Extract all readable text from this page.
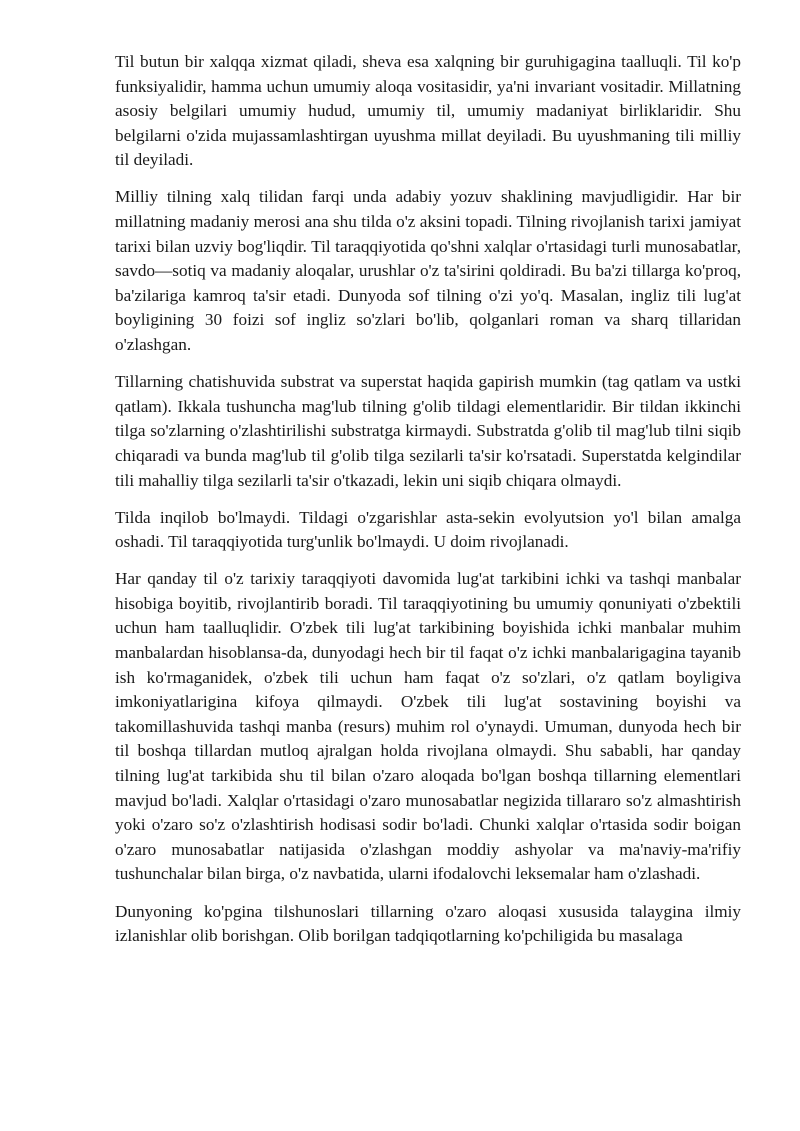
Til butun bir xalqqa xizmat qiladi, sheva esa xalqning bir guruhigagina taalluqli. Til ko'p funksiyalidir, hamma uchun umumiy aloqa vositasidir, ya'ni invariant vositadir. Millatning asosiy belgilari umumiy hudud, umumiy til, umumiy madaniyat birliklaridir. Shu belgilarni o'zida mujassamlashtirgan uyushma millat deyiladi. Bu uyushmaning tili milliy til deyiladi.

Milliy tilning xalq tilidan farqi unda adabiy yozuv shaklining mavjudligidir. Har bir millatning madaniy merosi ana shu tilda o'z aksini topadi. Tilning rivojlanish tarixi jamiyat tarixi bilan uzviy bog'liqdir. Til taraqqiyotida qo'shni xalqlar o'rtasidagi turli munosabatlar, savdo—sotiq va madaniy aloqalar, urushlar o'z ta'sirini qoldiradi. Bu ba'zi tillarga ko'proq, ba'zilariga kamroq ta'sir etadi. Dunyoda sof tilning o'zi yo'q. Masalan, ingliz tili lug'at boyligining 30 foizi sof ingliz so'zlari bo'lib, qolganlari roman va sharq tillaridan o'zlashgan.

Tillarning chatishuvida substrat va superstat haqida gapirish mumkin (tag qatlam va ustki qatlam). Ikkala tushuncha mag'lub tilning g'olib tildagi elementlaridir. Bir tildan ikkinchi tilga so'zlarning o'zlashtirilishi substratga kirmaydi. Substratda g'olib til mag'lub tilni siqib chiqaradi va bunda mag'lub til g'olib tilga sezilarli ta'sir ko'rsatadi. Superstatda kelgindilar tili mahalliy tilga sezilarli ta'sir o'tkazadi, lekin uni siqib chiqara olmaydi.

Tilda inqilob bo'lmaydi. Tildagi o'zgarishlar asta-sekin evolyutsion yo'l bilan amalga oshadi. Til taraqqiyotida turg'unlik bo'lmaydi. U doim rivojlanadi.

Har qanday til o'z tarixiy taraqqiyoti davomida lug'at tarkibini ichki va tashqi manbalar hisobiga boyitib, rivojlantirib boradi. Til taraqqiyotining bu umumiy qonuniyati o'zbektili uchun ham taalluqlidir. O'zbek tili lug'at tarkibining boyishida ichki manbalar muhim manbalardan hisoblansa-da, dunyodagi hech bir til faqat o'z ichki manbalarigagina tayanib ish ko'rmaganidek, o'zbek tili uchun ham faqat o'z so'zlari, o'z qatlam boyligiva imkoniyatlarigina kifoya qilmaydi. O'zbek tili lug'at sostavining boyishi va takomillashuvida tashqi manba (resurs) muhim rol o'ynaydi. Umuman, dunyoda hech bir til boshqa tillardan mutloq ajralgan holda rivojlana olmaydi. Shu sababli, har qanday tilning lug'at tarkibida shu til bilan o'zaro aloqada bo'lgan boshqa tillarning elementlari mavjud bo'ladi. Xalqlar o'rtasidagi o'zaro munosabatlar negizida tillararo so'z almashtirish yoki o'zaro so'z o'zlashtirish hodisasi sodir bo'ladi. Chunki xalqlar o'rtasida sodir boigan o'zaro munosabatlar natijasida o'zlashgan moddiy ashyolar va ma'naviy-ma'rifiy tushunchalar bilan birga, o'z navbatida, ularni ifodalovchi leksemalar ham o'zlashadi.

Dunyoning ko'pgina tilshunoslari tillarning o'zaro aloqasi xususida talaygina ilmiy izlanishlar olib borishgan. Olib borilgan tadqiqotlarning ko'pchiligida bu masalaga
